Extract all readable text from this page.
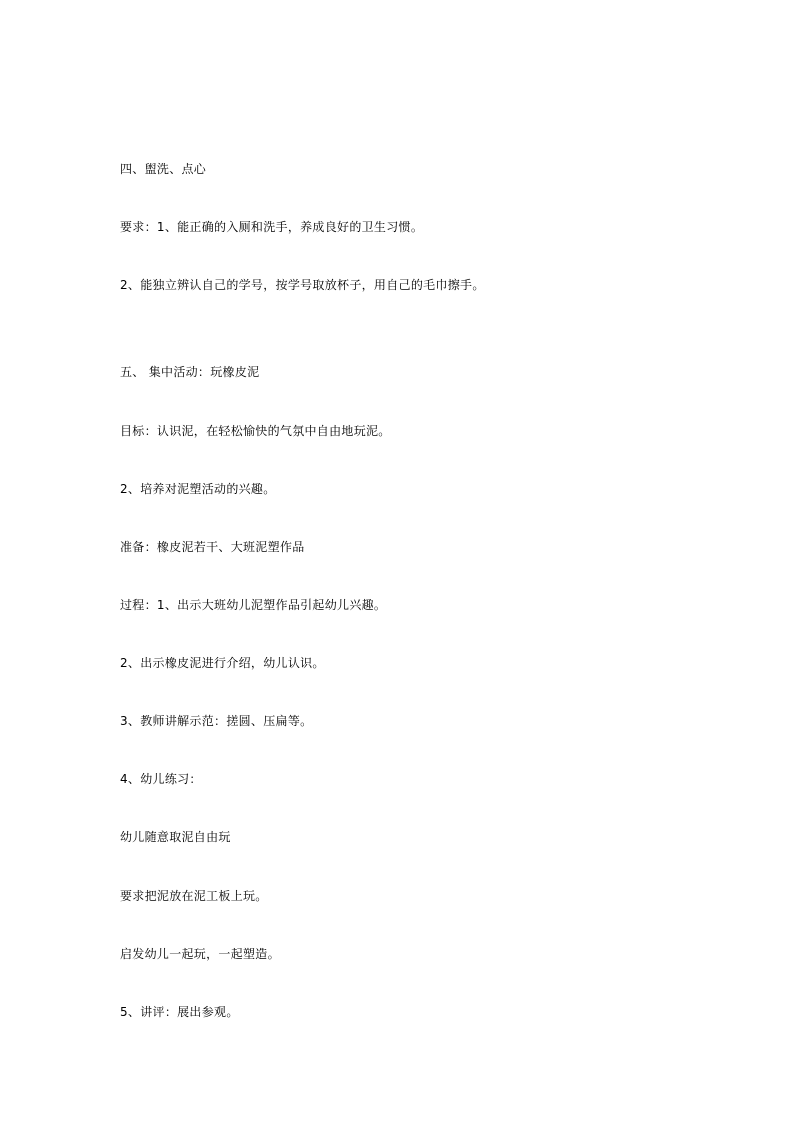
四、盥洗、点心
要求：1、能正确的入厕和洗手，养成良好的卫生习惯。
2、能独立辨认自己的学号，按学号取放杯子，用自己的毛巾擦手。
五、 集中活动：玩橡皮泥
目标：认识泥，在轻松愉快的气氛中自由地玩泥。
2、培养对泥塑活动的兴趣。
准备：橡皮泥若干、大班泥塑作品
过程：1、出示大班幼儿泥塑作品引起幼儿兴趣。
2、出示橡皮泥进行介绍，幼儿认识。
3、教师讲解示范：搓圆、压扁等。
4、幼儿练习：
幼儿随意取泥自由玩
要求把泥放在泥工板上玩。
启发幼儿一起玩，一起塑造。
5、讲评：展出参观。
